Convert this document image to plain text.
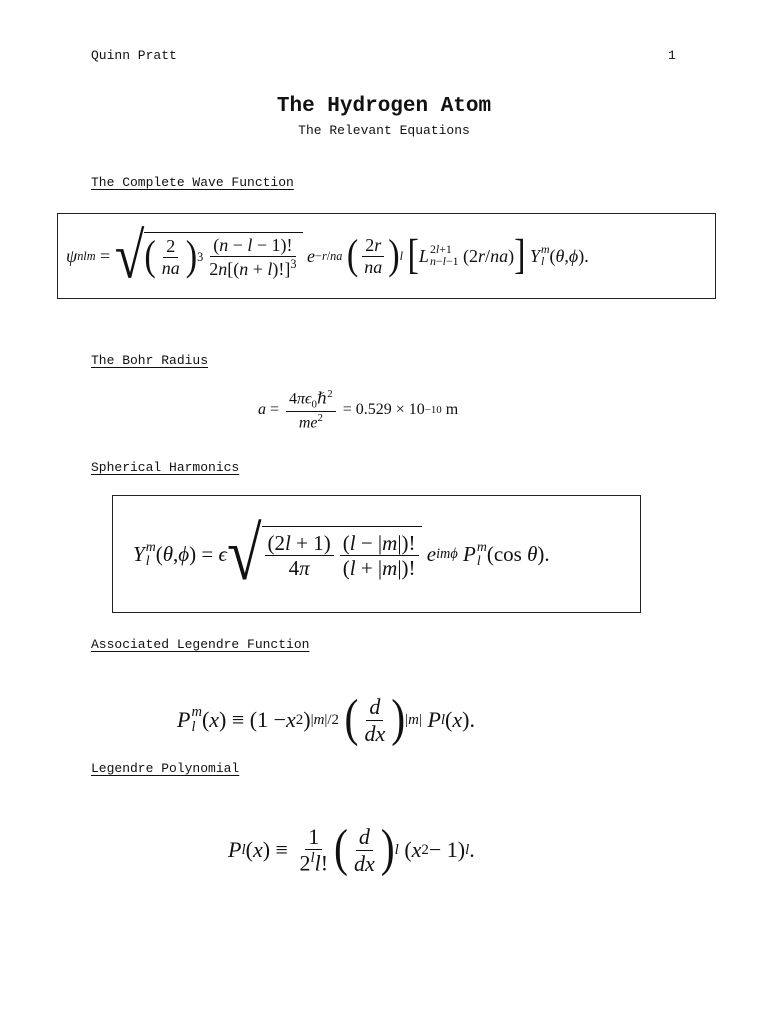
Quinn Pratt	1
The Hydrogen Atom
The Relevant Equations
The Complete Wave Function
ψ nlm = √ ( $\frac{2}{na}$ ) $3 \frac{(n - l - 1)!}{2n[(n + l)!]^3}$
e −r/na
( $\frac{2r}{na}$ ) l
[ L 2l+1
n−l−1 (2 r / na ) ]
Y m
l ( θ , ϕ ).
The Bohr Radius
$a = \frac{4\pi\epsilon_0\hbar^2}{me^2}$
= 0.529 × 10 −10
m
Spherical Harmonics
Y m
l ( θ , ϕ ) = ϵ √ $\frac{(2l + 1)}{4\pi} \frac{(l - |m|)!}{(l + |m|)!}$
e imϕ
P m
l (cos θ ).
Associated Legendre Function
P m
l ( x ) ≡ (1 − x 2 ) |m|/2
( $\frac{d}{dx}$ ) |m|
P l ( x ).
Legendre Polynomial
P l ( x ) ≡ $\frac{1}{2^ll!}$ ( $\frac{d}{dx}$ ) l ( x 2 − 1) l .
